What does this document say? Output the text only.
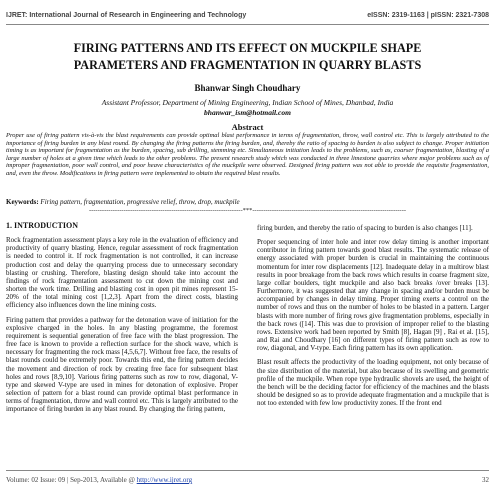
IJRET: International Journal of Research in Engineering and Technology	eISSN: 2319-1163 | pISSN: 2321-7308
FIRING PATTERNS AND ITS EFFECT ON MUCKPILE SHAPE
PARAMETERS AND FRAGMENTATION IN QUARRY BLASTS
Bhanwar Singh Choudhary
Assistant Professor, Department of Mining Engineering, Indian School of Mines, Dhanbad, India
bhanwar_ism@hotmail.com
Abstract
Proper use of firing pattern vis-à-vis the blast requirements can provide optimal blast performance in terms of fragmentation, throw, wall control etc. This is largely attributed to the importance of firing burden in any blast round. By changing the firing patterns the firing burden, and, thereby the ratio of spacing to burden is also subject to change. Proper initiation timing is as important for fragmentation as the burden, spacing, sub drilling, stemming etc. Simultaneous initiation leads to the problems, such as, coarser fragmentation, blasting of a large number of holes at a given time which leads to the other problems. The present research study which was conducted in three limestone quarries where major problems such as of improper fragmentation, poor wall control, and poor heave characteristics of the muckpile were observed. Designed firing pattern was not able to provide the requisite fragmentation, and, even the throw. Modifications in firing pattern were implemented to obtain the required blast results.
Keywords: Firing pattern, fragmentation, progressive relief, throw, drop, muckpile
-----------------------------------------------------------------------***-----------------------------------------------------------------------
1. INTRODUCTION

Rock fragmentation assessment plays a key role in the evaluation of efficiency and productivity of quarry blasting. Hence, regular assessment of rock fragmentation is needed to control it. If rock fragmentation is not controlled, it can increase production cost and delay the quarrying process due to unnecessary secondary blasting or crushing. Therefore, blasting design should take into account the findings of rock fragmentation assessment to cut down the mining cost and shorten the work time. Drilling and blasting cost in open pit mines represent 15-20% of the total mining cost [1,2,3]. Apart from the direct costs, blasting efficiency also influences down the line mining costs.

Firing pattern that provides a pathway for the detonation wave of initiation for the explosive charged in the holes. In any blasting programme, the foremost requirement is sequential generation of free face with the blast progression. The free face is known to provide a reflection surface for the shock wave, which is necessary for fragmenting the rock mass [4,5,6,7]. Without free face, the results of blast rounds could be extremely poor. Towards this end, the firing pattern decides the movement and direction of rock by creating free face for subsequent blast holes and rows [8,9,10]. Various firing patterns such as row to row, diagonal, V-type and skewed V-type are used in mines for detonation of explosive. Proper selection of pattern for a blast round can provide optimal blast performance in terms of fragmentation, throw and wall control etc. This is largely attributed to the importance of firing burden in any blast round. By changing the firing pattern,

firing burden, and thereby the ratio of spacing to burden is also changes [11].

Proper sequencing of inter hole and inter row delay timing is another important contributor in firing pattern towards good blast results. The systematic release of energy associated with proper burden is crucial in maintaining the continuous momentum for inter row displacements [12]. Inadequate delay in a multirow blast results in poor breakage from the back rows which results in coarse fragment size, large collar boulders, tight muckpile and also back breaks /over breaks [13]. Furthermore, it was suggested that any change in spacing and/or burden must be accompanied by changes in delay timing. Proper timing exerts a control on the number of rows and thus on the number of holes to be blasted in a pattern. Larger blasts with more number of firing rows give fragmentation problems, especially in the back rows ([14]. This was due to provision of improper relief to the blasting rows. Extensive work had been reported by Smith [8], Hagan [9] , Rai et al. [15], and Rai and Choudhary [16] on different types of firing pattern such as row to row, diagonal, and V-type. Each firing pattern has its own application.

Blast result affects the productivity of the loading equipment, not only because of the size distribution of the material, but also because of its swelling and geometric profile of the muckpile. When rope type hydraulic shovels are used, the height of the bench will be the deciding factor for efficiency of the machines and the blasts should be designed so as to provide adequate fragmentation and a muckpile that is not too extended with few low productivity zones. If the front end

Volume: 02 Issue: 09 | Sep-2013, Available @ http://www.ijret.org	32
